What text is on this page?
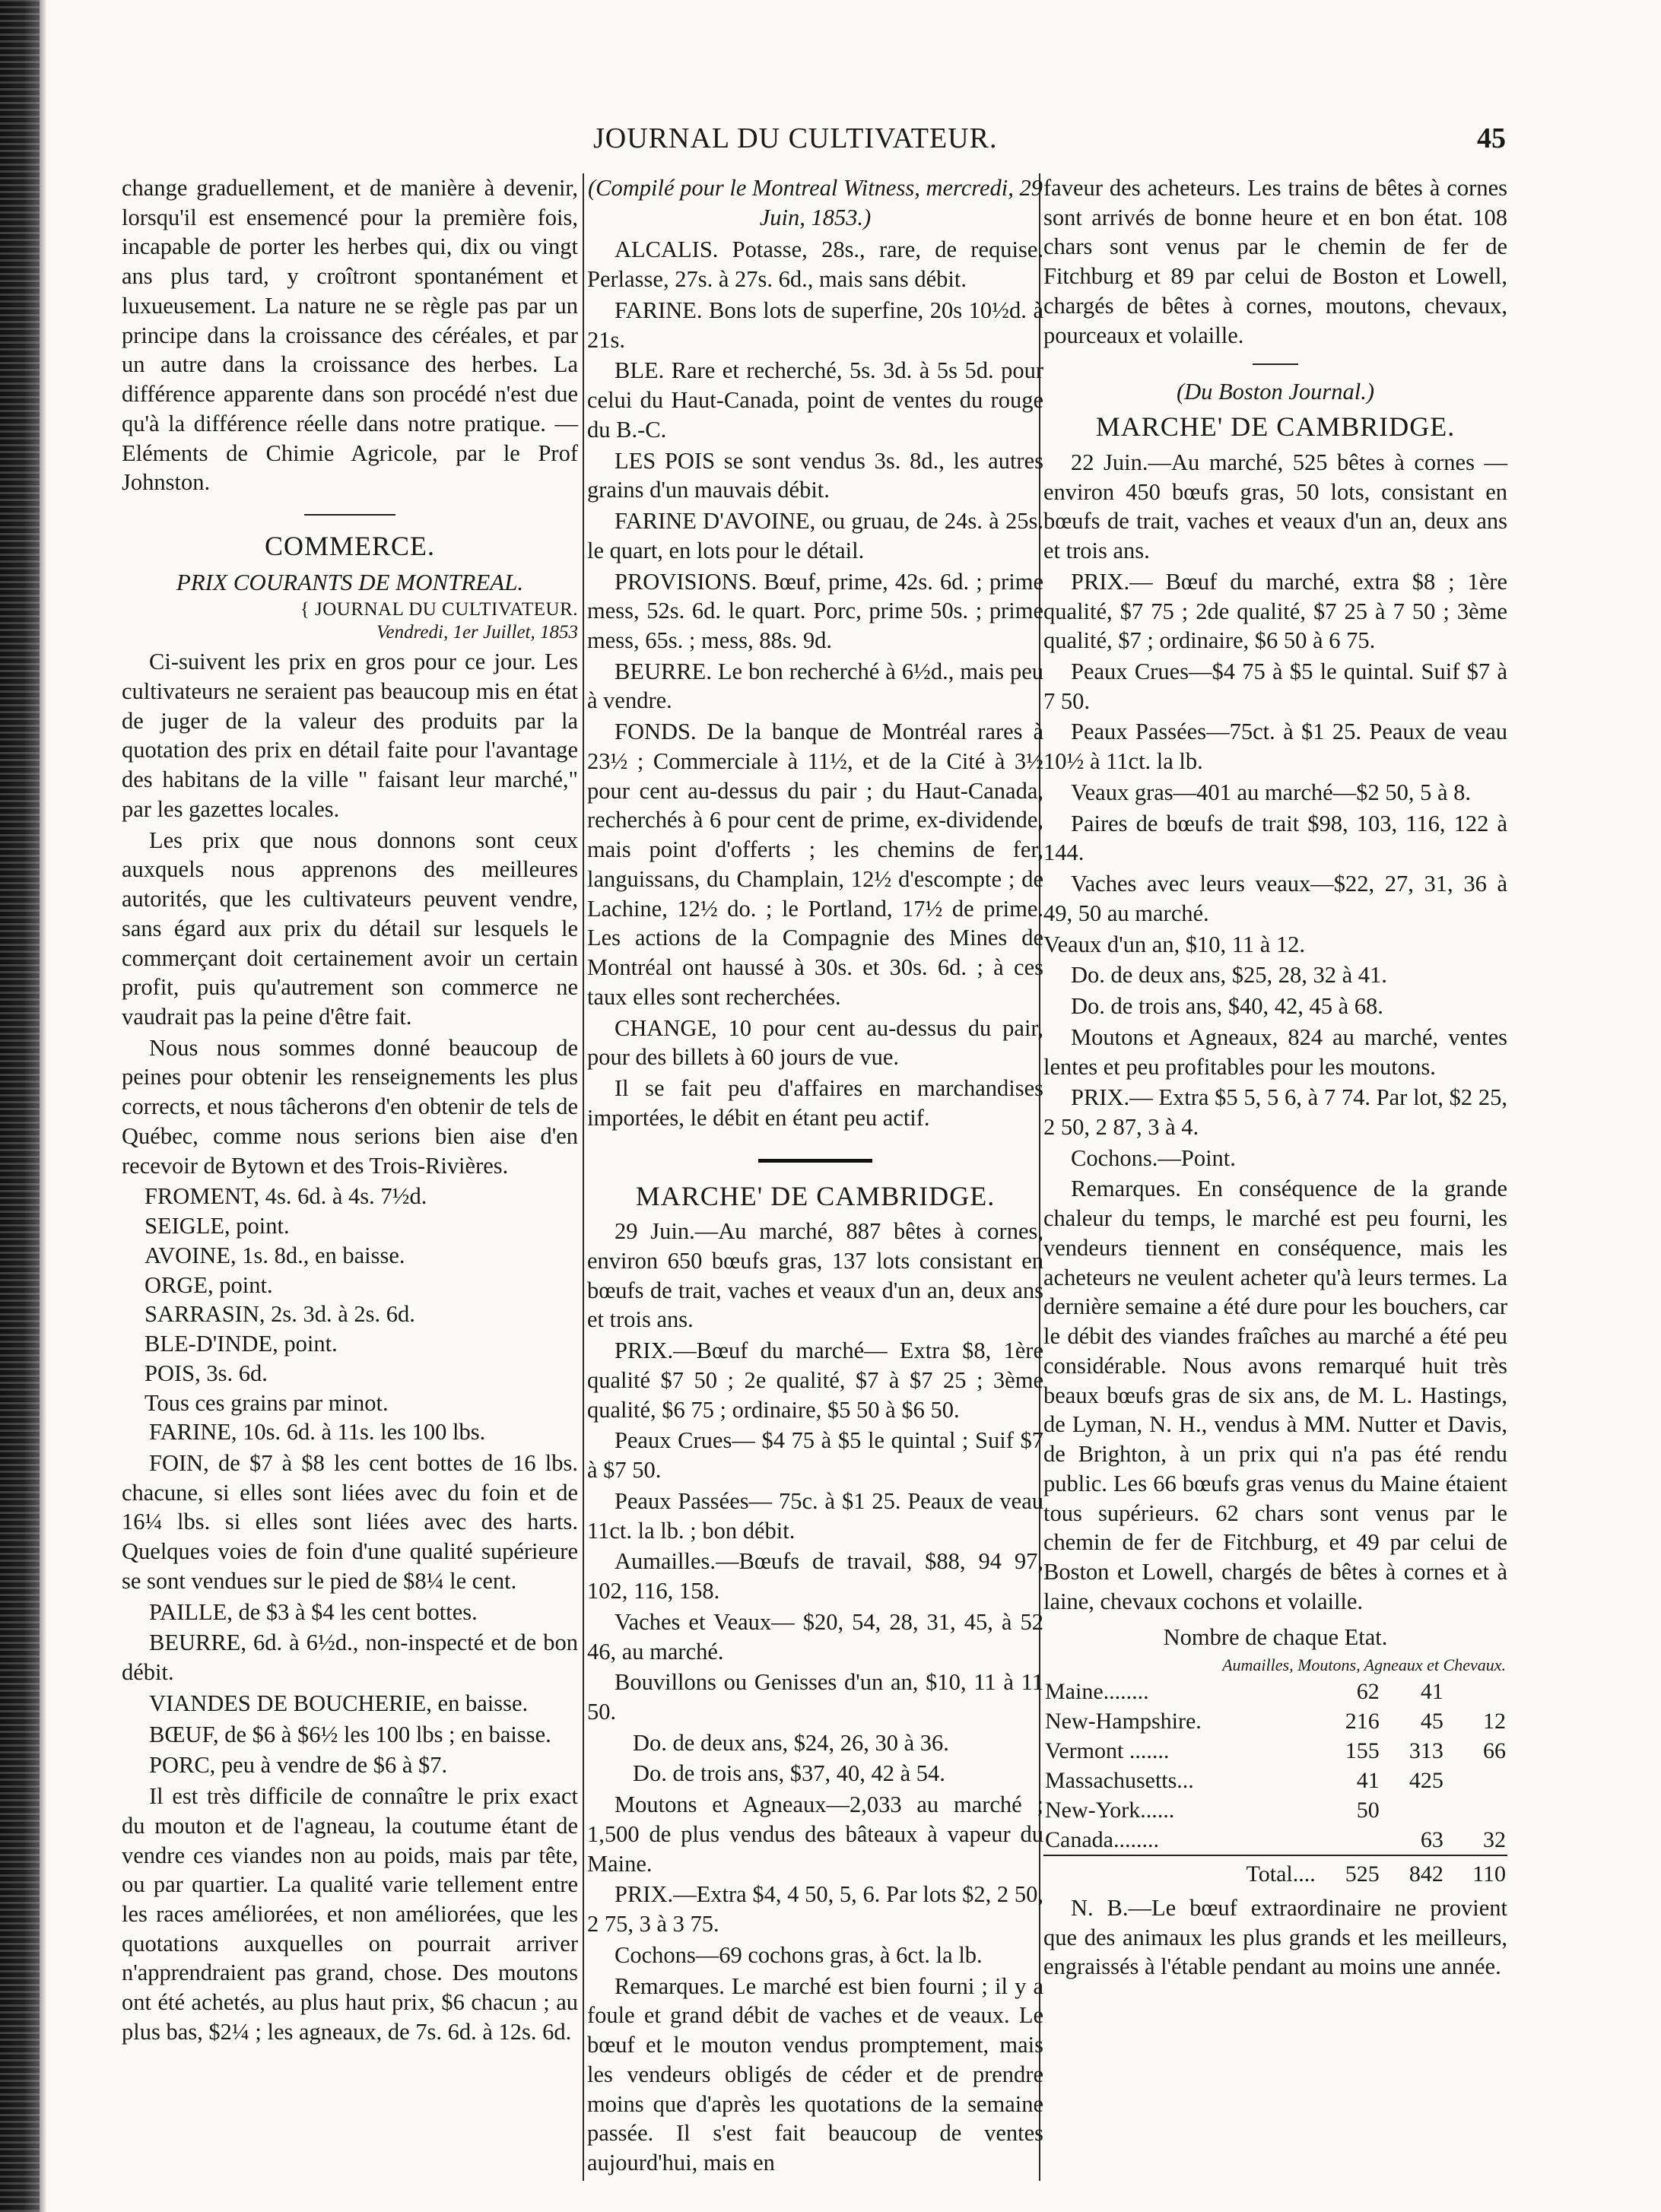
JOURNAL DU CULTIVATEUR.	45

change graduellement, et de manière à devenir, lorsqu'il est ensemencé pour la première fois, incapable de porter les herbes qui, dix ou vingt ans plus tard, y croîtront spontanément et luxueusement. La nature ne se règle pas par un principe dans la croissance des céréales, et par un autre dans la croissance des herbes. La différence apparente dans son procédé n'est due qu'à la différence réelle dans notre pratique. — Eléments de Chimie Agricole, par le Prof Johnston.

COMMERCE.
PRIX COURANTS DE MONTREAL.
{ JOURNAL DU CULTIVATEUR.
Vendredi, 1er Juillet, 1853

Ci-suivent les prix en gros pour ce jour. Les cultivateurs ne seraient pas beaucoup mis en état de juger de la valeur des produits par la quotation des prix en détail faite pour l'avantage des habitans de la ville " faisant leur marché," par les gazettes locales.

Les prix que nous donnons sont ceux auxquels nous apprenons des meilleures autorités, que les cultivateurs peuvent vendre, sans égard aux prix du détail sur lesquels le commerçant doit certainement avoir un certain profit, puis qu'autrement son commerce ne vaudrait pas la peine d'être fait.

Nous nous sommes donné beaucoup de peines pour obtenir les renseignements les plus corrects, et nous tâcherons d'en obtenir de tels de Québec, comme nous serions bien aise d'en recevoir de Bytown et des Trois-Rivières.

FROMENT, 4s. 6d. à 4s. 7½d.
SEIGLE, point.
AVOINE, 1s. 8d., en baisse.
ORGE, point.
SARRASIN, 2s. 3d. à 2s. 6d.
BLE-D'INDE, point.
POIS, 3s. 6d.
Tous ces grains par minot.

FARINE, 10s. 6d. à 11s. les 100 lbs.

FOIN, de $7 à $8 les cent bottes de 16 lbs. chacune, si elles sont liées avec du foin et de 16¼ lbs. si elles sont liées avec des harts. Quelques voies de foin d'une qualité supérieure se sont vendues sur le pied de $8¼ le cent.

PAILLE, de $3 à $4 les cent bottes.

BEURRE, 6d. à 6½d., non-inspecté et de bon débit.

VIANDES DE BOUCHERIE, en baisse.

BŒUF, de $6 à $6½ les 100 lbs ; en baisse.

PORC, peu à vendre de $6 à $7.

Il est très difficile de connaître le prix exact du mouton et de l'agneau, la coutume étant de vendre ces viandes non au poids, mais par tête, ou par quartier. La qualité varie tellement entre les races améliorées, et non améliorées, que les quotations auxquelles on pourrait arriver n'apprendraient pas grand, chose. Des moutons ont été achetés, au plus haut prix, $6 chacun ; au plus bas, $2¼ ; les agneaux, de 7s. 6d. à 12s. 6d.

(Compilé pour le Montreal Witness, mercredi, 29 Juin, 1853.)

ALCALIS. Potasse, 28s., rare, de requise. Perlasse, 27s. à 27s. 6d., mais sans débit.

FARINE. Bons lots de superfine, 20s 10½d. à 21s.

BLE. Rare et recherché, 5s. 3d. à 5s 5d. pour celui du Haut-Canada, point de ventes du rouge du B.-C.

LES POIS se sont vendus 3s. 8d., les autres grains d'un mauvais débit.

FARINE D'AVOINE, ou gruau, de 24s. à 25s. le quart, en lots pour le détail.

PROVISIONS. Bœuf, prime, 42s. 6d. ; prime mess, 52s. 6d. le quart. Porc, prime 50s. ; prime mess, 65s. ; mess, 88s. 9d.

BEURRE. Le bon recherché à 6½d., mais peu à vendre.

FONDS. De la banque de Montréal rares à 23½ ; Commerciale à 11½, et de la Cité à 3½ pour cent au-dessus du pair ; du Haut-Canada, recherchés à 6 pour cent de prime, ex-dividende, mais point d'offerts ; les chemins de fer, languissans, du Champlain, 12½ d'escompte ; de Lachine, 12½ do. ; le Portland, 17½ de prime. Les actions de la Compagnie des Mines de Montréal ont haussé à 30s. et 30s. 6d. ; à ces taux elles sont recherchées.

CHANGE, 10 pour cent au-dessus du pair, pour des billets à 60 jours de vue.

Il se fait peu d'affaires en marchandises importées, le débit en étant peu actif.

MARCHE' DE CAMBRIDGE.

29 Juin.—Au marché, 887 bêtes à cornes, environ 650 bœufs gras, 137 lots consistant en bœufs de trait, vaches et veaux d'un an, deux ans et trois ans.

PRIX.—Bœuf du marché— Extra $8, 1ère qualité $7 50 ; 2e qualité, $7 à $7 25 ; 3ème qualité, $6 75 ; ordinaire, $5 50 à $6 50.

Peaux Crues— $4 75 à $5 le quintal ; Suif $7 à $7 50.

Peaux Passées— 75c. à $1 25. Peaux de veau 11ct. la lb. ; bon débit.

Aumailles.—Bœufs de travail, $88, 94 97, 102, 116, 158.

Vaches et Veaux— $20, 54, 28, 31, 45, à 52 46, au marché.

Bouvillons ou Genisses d'un an, $10, 11 à 11 50.

Do. de deux ans, $24, 26, 30 à 36.

Do. de trois ans, $37, 40, 42 à 54.

Moutons et Agneaux—2,033 au marché ; 1,500 de plus vendus des bâteaux à vapeur du Maine.

PRIX.—Extra $4, 4 50, 5, 6. Par lots $2, 2 50, 2 75, 3 à 3 75.

Cochons—69 cochons gras, à 6ct. la lb.

Remarques. Le marché est bien fourni ; il y a foule et grand débit de vaches et de veaux. Le bœuf et le mouton vendus promptement, mais les vendeurs obligés de céder et de prendre moins que d'après les quotations de la semaine passée. Il s'est fait beaucoup de ventes aujourd'hui, mais en

faveur des acheteurs. Les trains de bêtes à cornes sont arrivés de bonne heure et en bon état. 108 chars sont venus par le chemin de fer de Fitchburg et 89 par celui de Boston et Lowell, chargés de bêtes à cornes, moutons, chevaux, pourceaux et volaille.

(Du Boston Journal.)
MARCHE' DE CAMBRIDGE.

22 Juin.—Au marché, 525 bêtes à cornes —environ 450 bœufs gras, 50 lots, consistant en bœufs de trait, vaches et veaux d'un an, deux ans et trois ans.

PRIX.— Bœuf du marché, extra $8 ; 1ère qualité, $7 75 ; 2de qualité, $7 25 à 7 50 ; 3ème qualité, $7 ; ordinaire, $6 50 à 6 75.

Peaux Crues—$4 75 à $5 le quintal. Suif $7 à 7 50.

Peaux Passées—75ct. à $1 25. Peaux de veau 10½ à 11ct. la lb.

Veaux gras—401 au marché—$2 50, 5 à 8.

Paires de bœufs de trait $98, 103, 116, 122 à 144.

Vaches avec leurs veaux—$22, 27, 31, 36 à 49, 50 au marché.

Veaux d'un an, $10, 11 à 12.

Do. de deux ans, $25, 28, 32 à 41.

Do. de trois ans, $40, 42, 45 à 68.

Moutons et Agneaux, 824 au marché, ventes lentes et peu profitables pour les moutons.

PRIX.— Extra $5 5, 5 6, à 7 74. Par lot, $2 25, 2 50, 2 87, 3 à 4.

Cochons.—Point.

Remarques. En conséquence de la grande chaleur du temps, le marché est peu fourni, les vendeurs tiennent en conséquence, mais les acheteurs ne veulent acheter qu'à leurs termes. La dernière semaine a été dure pour les bouchers, car le débit des viandes fraîches au marché a été peu considérable. Nous avons remarqué huit très beaux bœufs gras de six ans, de M. L. Hastings, de Lyman, N. H., vendus à MM. Nutter et Davis, de Brighton, à un prix qui n'a pas été rendu public. Les 66 bœufs gras venus du Maine étaient tous supérieurs. 62 chars sont venus par le chemin de fer de Fitchburg, et 49 par celui de Boston et Lowell, chargés de bêtes à cornes et à laine, chevaux cochons et volaille.

Nombre de chaque Etat.
Aumailles, Moutons, Agneaux et Chevaux.			
Maine........	62	41	
New-Hampshire.	216	45	12
Vermont .......	155	313	66
Massachusetts...	41	425	
New-York......	50		
Canada........		63	32
Total....	525	842	110

N. B.—Le bœuf extraordinaire ne provient que des animaux les plus grands et les meilleurs, engraissés à l'étable pendant au moins une année.
